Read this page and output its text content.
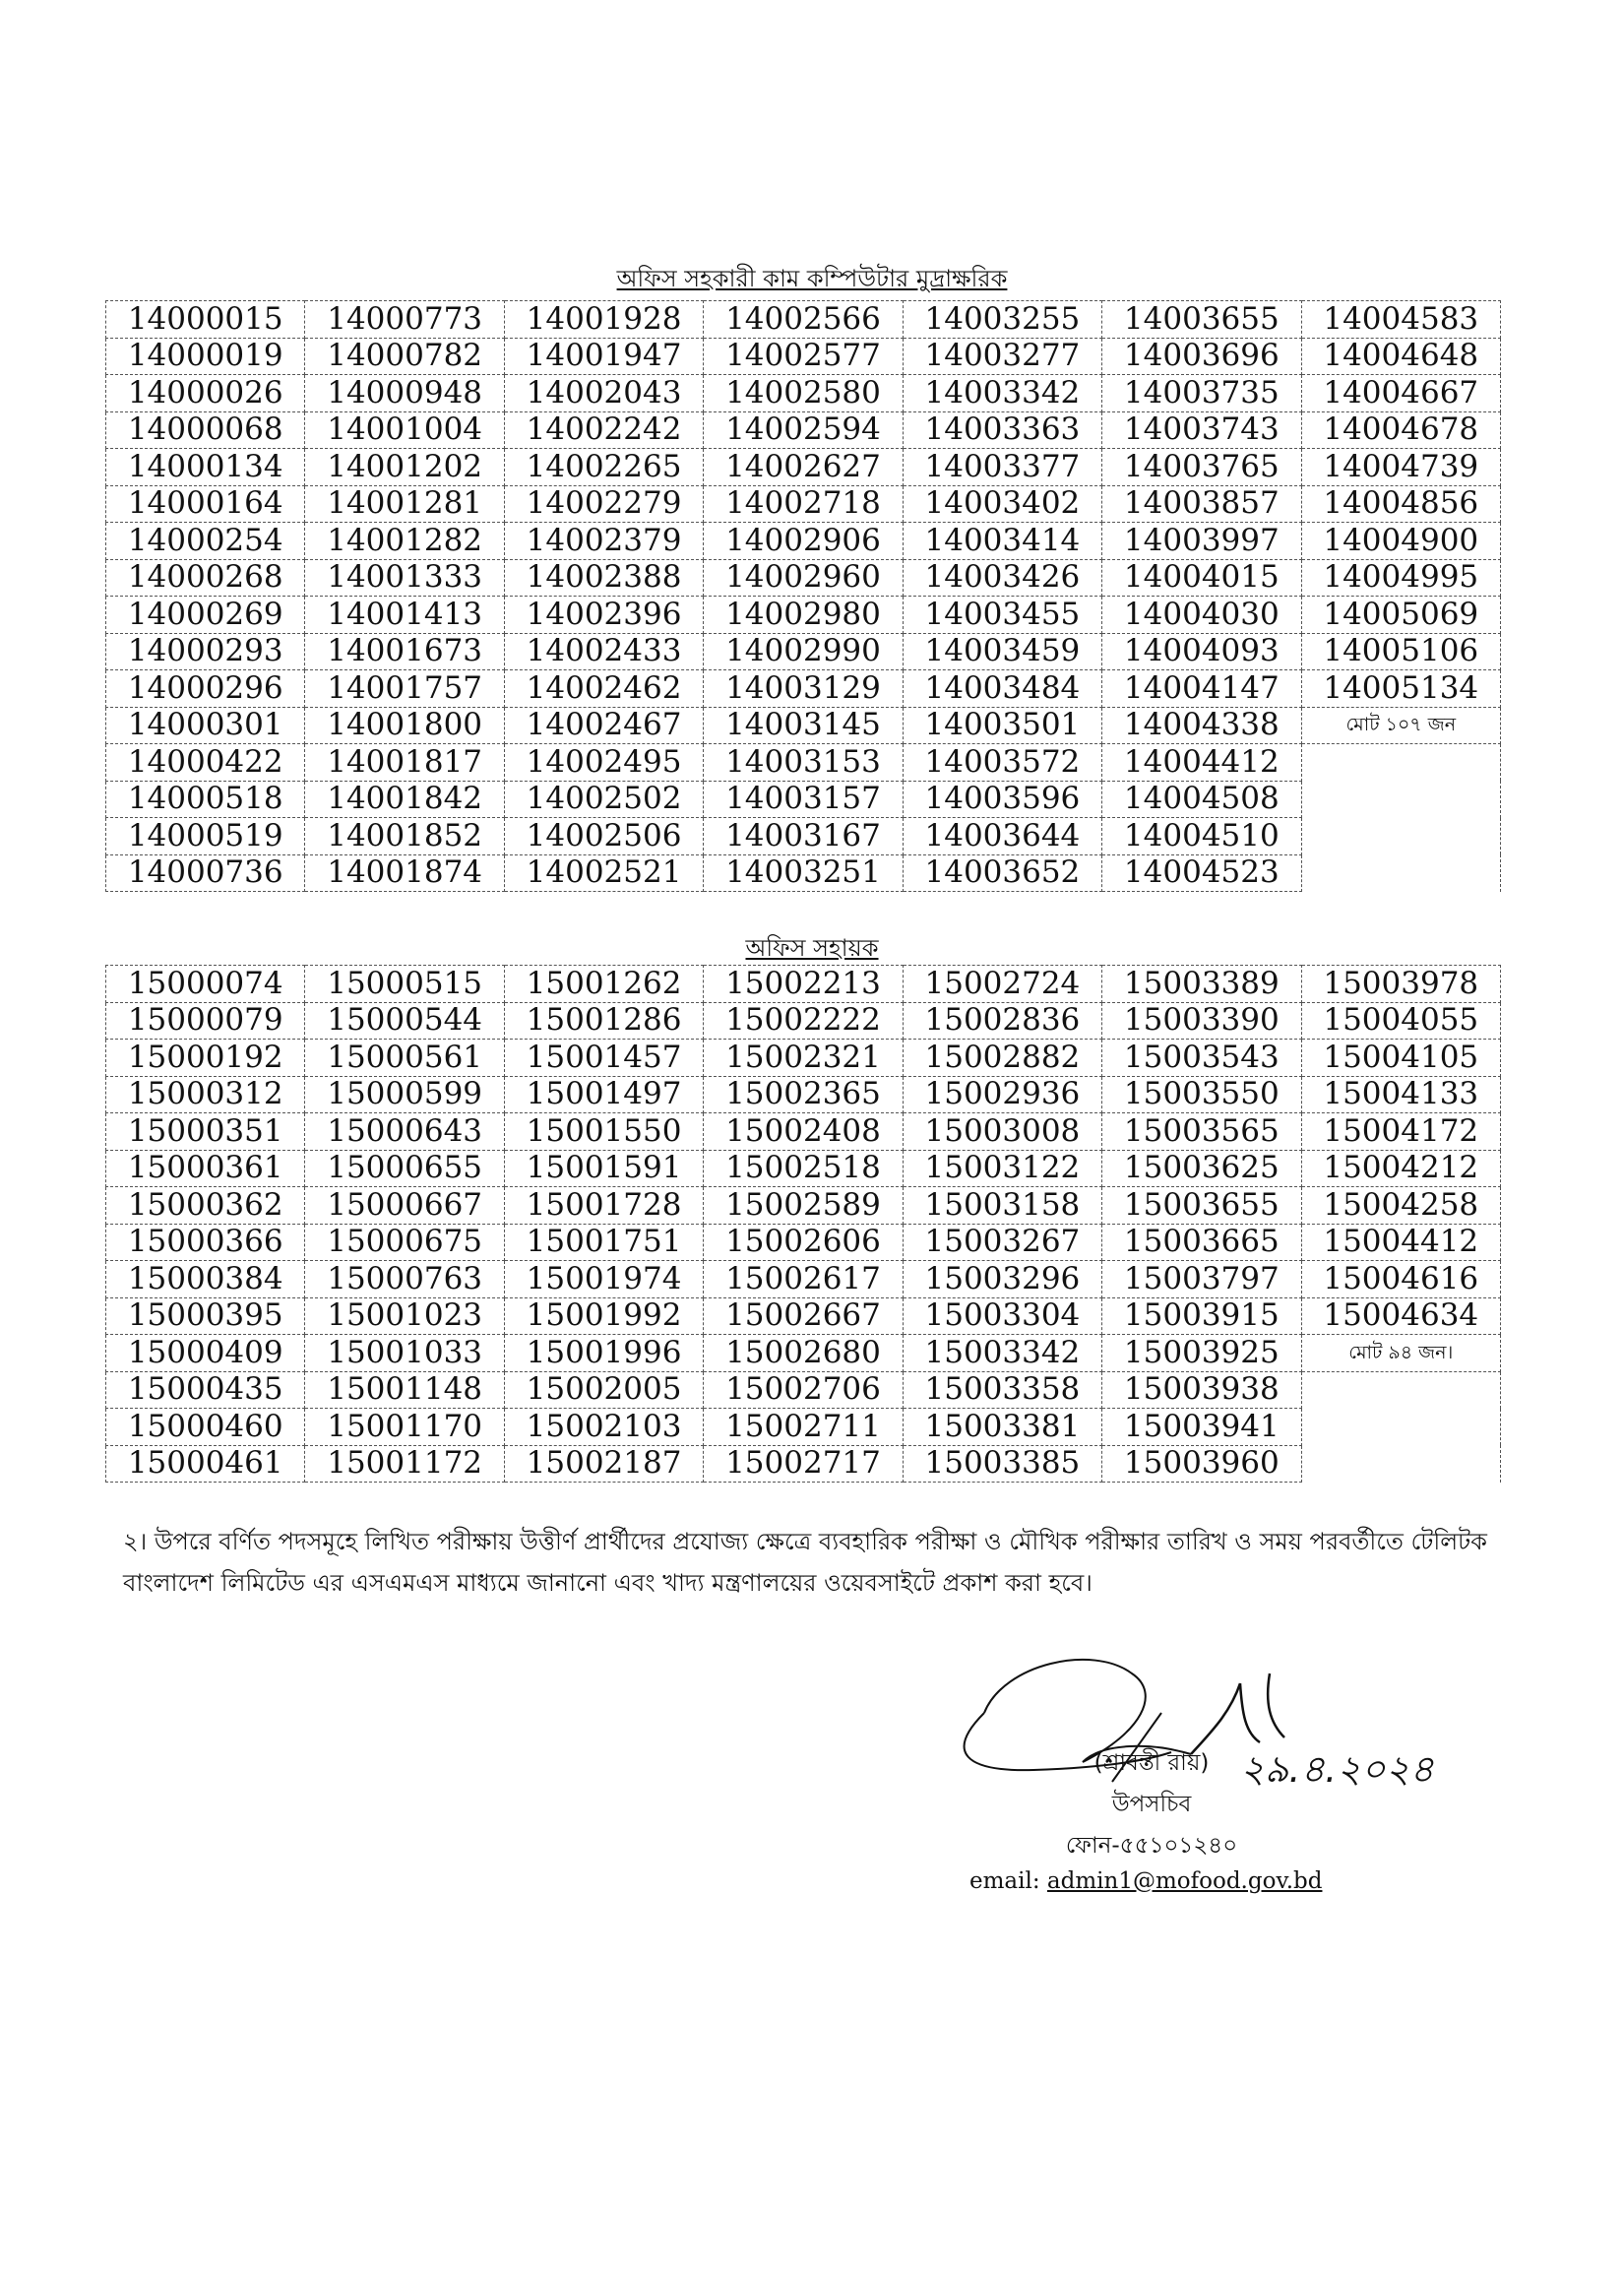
অফিস সহকারী কাম কম্পিউটার মুদ্রাক্ষরিক
14000015	14000773	14001928	14002566	14003255	14003655	14004583
14000019	14000782	14001947	14002577	14003277	14003696	14004648
14000026	14000948	14002043	14002580	14003342	14003735	14004667
14000068	14001004	14002242	14002594	14003363	14003743	14004678
14000134	14001202	14002265	14002627	14003377	14003765	14004739
14000164	14001281	14002279	14002718	14003402	14003857	14004856
14000254	14001282	14002379	14002906	14003414	14003997	14004900
14000268	14001333	14002388	14002960	14003426	14004015	14004995
14000269	14001413	14002396	14002980	14003455	14004030	14005069
14000293	14001673	14002433	14002990	14003459	14004093	14005106
14000296	14001757	14002462	14003129	14003484	14004147	14005134
14000301	14001800	14002467	14003145	14003501	14004338	মোট ১০৭ জন
14000422	14001817	14002495	14003153	14003572	14004412	
14000518	14001842	14002502	14003157	14003596	14004508	
14000519	14001852	14002506	14003167	14003644	14004510	
14000736	14001874	14002521	14003251	14003652	14004523	
অফিস সহায়ক
15000074	15000515	15001262	15002213	15002724	15003389	15003978
15000079	15000544	15001286	15002222	15002836	15003390	15004055
15000192	15000561	15001457	15002321	15002882	15003543	15004105
15000312	15000599	15001497	15002365	15002936	15003550	15004133
15000351	15000643	15001550	15002408	15003008	15003565	15004172
15000361	15000655	15001591	15002518	15003122	15003625	15004212
15000362	15000667	15001728	15002589	15003158	15003655	15004258
15000366	15000675	15001751	15002606	15003267	15003665	15004412
15000384	15000763	15001974	15002617	15003296	15003797	15004616
15000395	15001023	15001992	15002667	15003304	15003915	15004634
15000409	15001033	15001996	15002680	15003342	15003925	মোট ৯৪ জন।
15000435	15001148	15002005	15002706	15003358	15003938	
15000460	15001170	15002103	15002711	15003381	15003941	
15000461	15001172	15002187	15002717	15003385	15003960	
২। উপরে বর্ণিত পদসমূহে লিখিত পরীক্ষায় উত্তীর্ণ প্রার্থীদের প্রযোজ্য ক্ষেত্রে ব্যবহারিক পরীক্ষা ও মৌখিক পরীক্ষার তারিখ ও সময় পরবর্তীতে টেলিটক বাংলাদেশ লিমিটেড এর এসএমএস মাধ্যমে জানানো এবং খাদ্য মন্ত্রণালয়ের ওয়েবসাইটে প্রকাশ করা হবে।
২৯.৪.২০২৪
(শ্রাবন্তী রায়)
উপসচিব
ফোন-৫৫১০১২৪০
email: admin1@mofood.gov.bd
